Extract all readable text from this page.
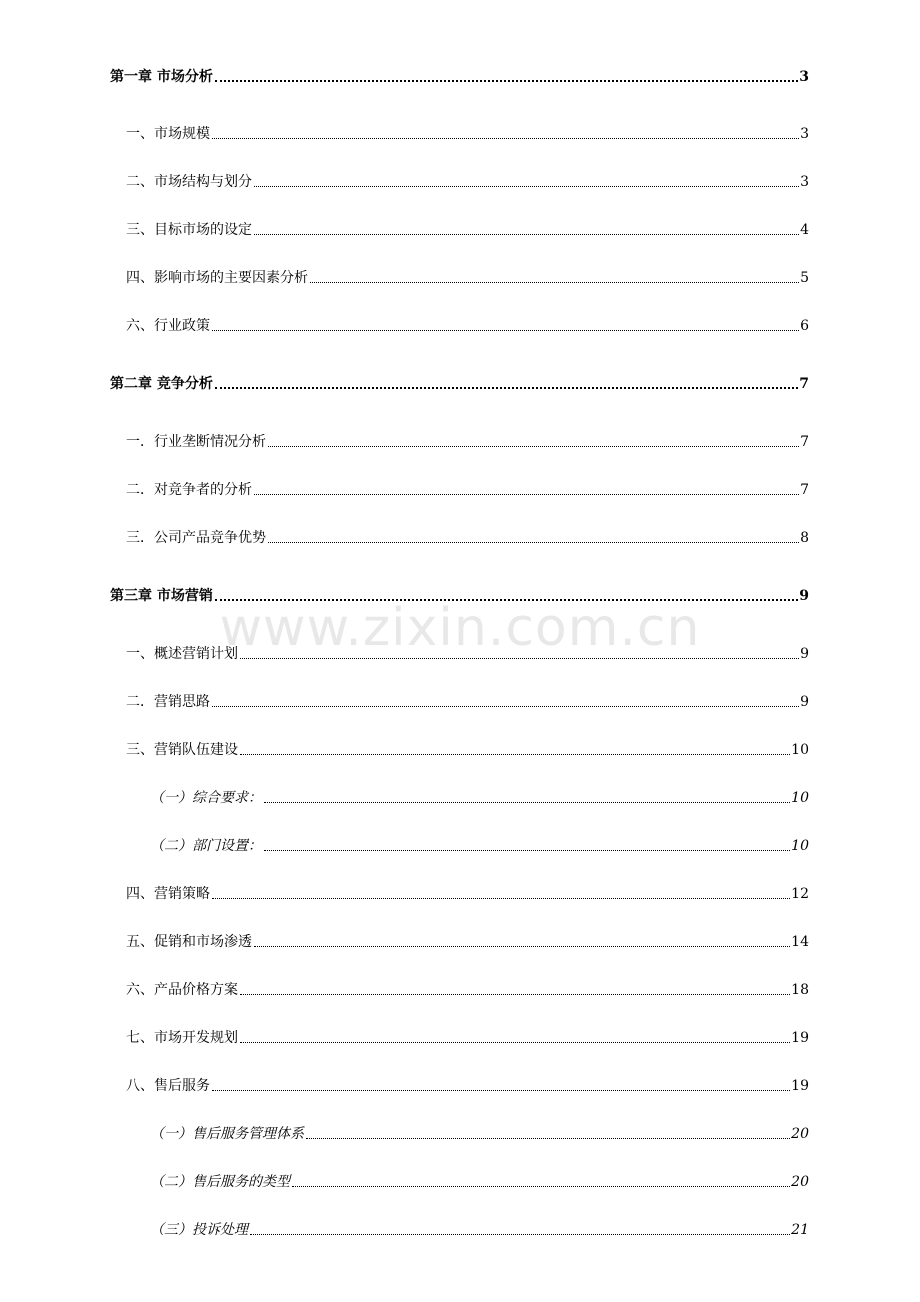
第一章 市场分析	3
一、市场规模	3
二、市场结构与划分	3
三、目标市场的设定	4
四、影响市场的主要因素分析	5
六、行业政策	6
第二章 竞争分析	7
一．行业垄断情况分析	7
二．对竞争者的分析	7
三．公司产品竞争优势	8
第三章 市场营销	9
一、概述营销计划	9
二．营销思路	9
三、营销队伍建设	10
（一）综合要求：	10
（二）部门设置：	10
四、营销策略	12
五、促销和市场渗透	14
六、产品价格方案	18
七、市场开发规划	19
八、售后服务	19
（一）售后服务管理体系	20
（二）售后服务的类型	20
（三）投诉处理	21
www.zixin.com.cn
